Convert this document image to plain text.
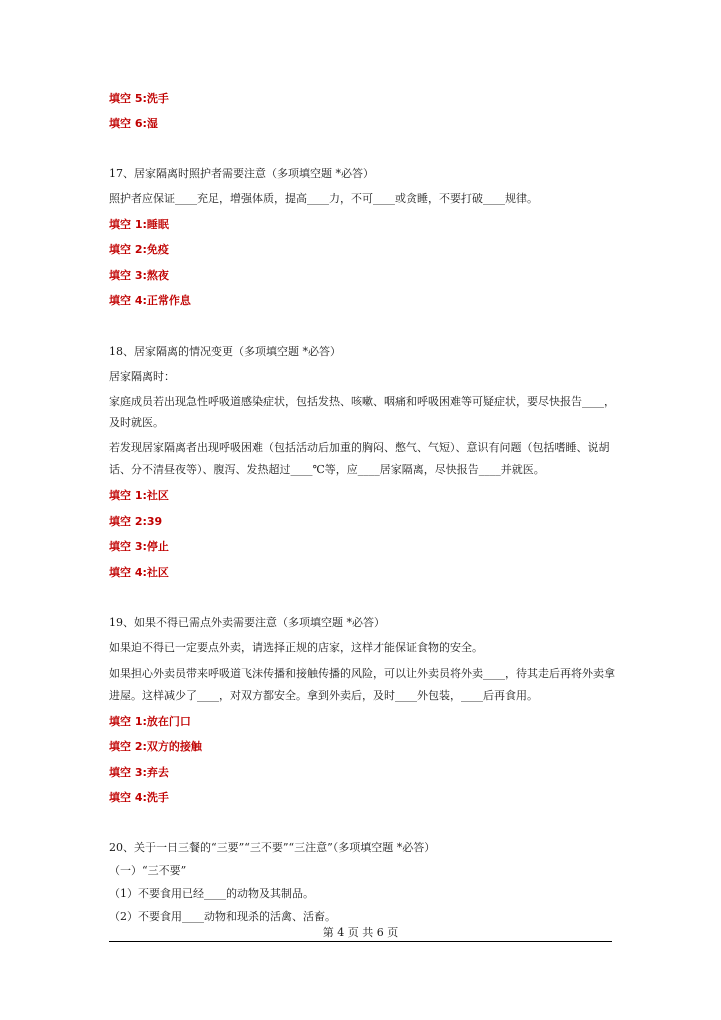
填空 5:洗手
填空 6:湿
17、居家隔离时照护者需要注意（多项填空题 *必答）
照护者应保证____充足，增强体质，提高____力，不可____或贪睡，不要打破____规律。
填空 1:睡眠
填空 2:免疫
填空 3:熬夜
填空 4:正常作息
18、居家隔离的情况变更（多项填空题 *必答）
居家隔离时：
家庭成员若出现急性呼吸道感染症状，包括发热、咳嗽、咽痛和呼吸困难等可疑症状，要尽快报告____，
及时就医。
若发现居家隔离者出现呼吸困难（包括活动后加重的胸闷、憋气、气短）、意识有问题（包括嗜睡、说胡
话、分不清昼夜等）、腹泻、发热超过____℃等，应____居家隔离，尽快报告____并就医。
填空 1:社区
填空 2:39
填空 3:停止
填空 4:社区
19、如果不得已需点外卖需要注意（多项填空题 *必答）
如果迫不得已一定要点外卖，请选择正规的店家，这样才能保证食物的安全。
如果担心外卖员带来呼吸道飞沫传播和接触传播的风险，可以让外卖员将外卖____，待其走后再将外卖拿
进屋。这样减少了____，对双方都安全。拿到外卖后，及时____外包装，____后再食用。
填空 1:放在门口
填空 2:双方的接触
填空 3:弃去
填空 4:洗手
20、关于一日三餐的“三要”“三不要”“三注意”（多项填空题 *必答）
（一）“三不要”
（1）不要食用已经____的动物及其制品。
（2）不要食用____动物和现杀的活禽、活畜。
第 4 页 共 6 页
